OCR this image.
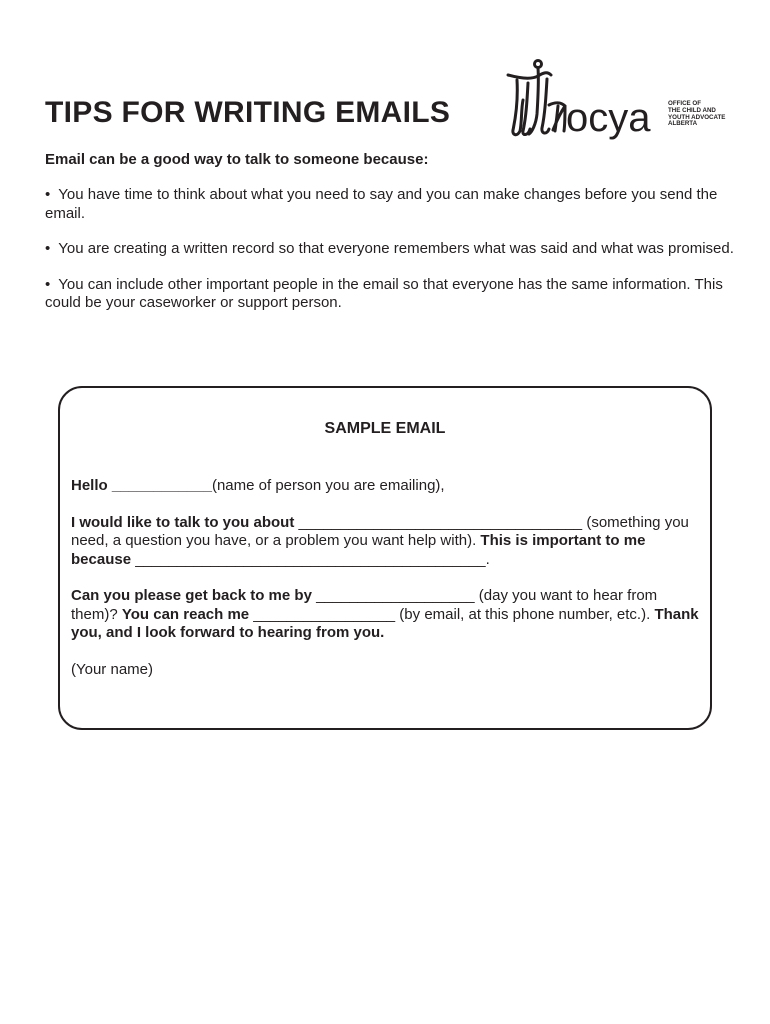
TIPS FOR WRITING EMAILS	ocya	OFFICE OF
THE CHILD AND
YOUTH ADVOCATE
ALBERTA

Email can be a good way to talk to someone because:

• You have time to think about what you need to say and you can make changes before you send the email.

• You are creating a written record so that everyone remembers what was said and what was promised.

• You can include other important people in the email so that everyone has the same information. This could be your caseworker or support person.

SAMPLE EMAIL

Hello ____________(name of person you are emailing),

I would like to talk to you about __________________________________ (something you need, a question you have, or a problem you want help with). This is important to me because __________________________________________.

Can you please get back to me by ___________________ (day you want to hear from them)? You can reach me _________________ (by email, at this phone number, etc.). Thank you, and I look forward to hearing from you.

(Your name)
